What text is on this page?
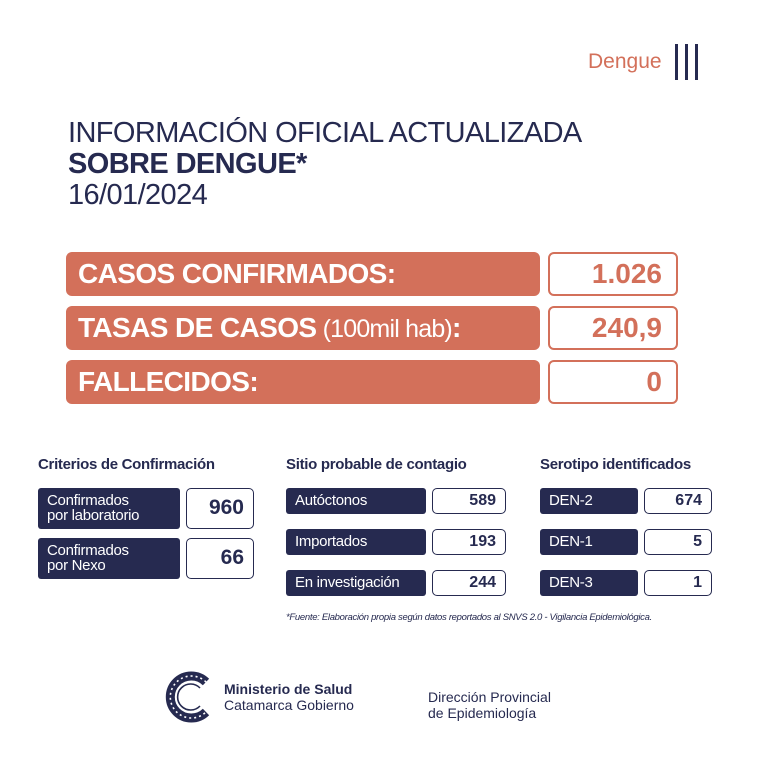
Dengue
INFORMACIÓN OFICIAL ACTUALIZADA
SOBRE DENGUE*
16/01/2024
CASOS CONFIRMADOS:	1.026
TASAS DE CASOS (100mil hab):	240,9
FALLECIDOS:	0
Criterios de Confirmación
Confirmados
por laboratorio	960
Confirmados
por Nexo	66
Sitio probable de contagio
Autóctonos	589
Importados	193
En investigación	244
Serotipo identificados
DEN-2	674
DEN-1	5
DEN-3	1
*Fuente: Elaboración propia según datos reportados al SNVS 2.0 - Vigilancia Epidemiológica.
Ministerio de Salud
Catamarca Gobierno	Dirección Provincial
de Epidemiología
